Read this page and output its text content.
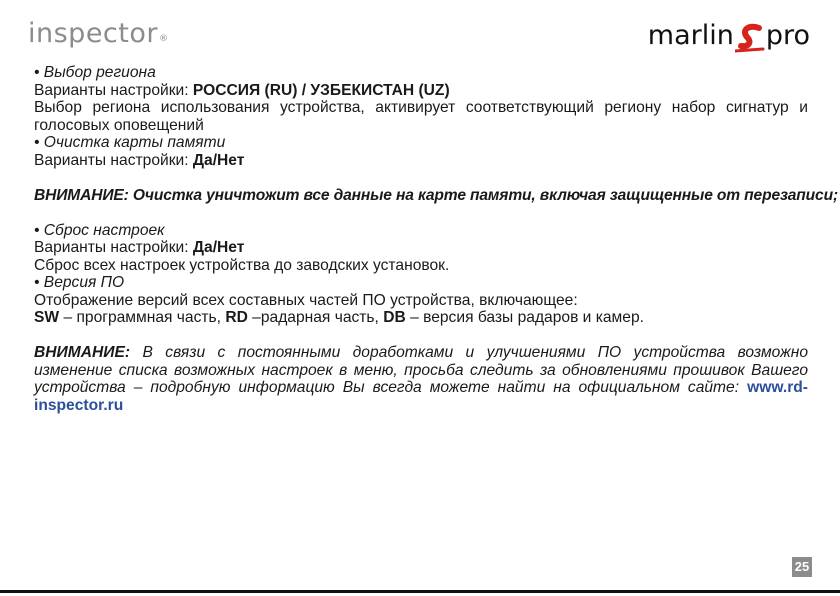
inspector®	marlin pro

• Выбор региона

Варианты настройки: РОССИЯ (RU) / УЗБЕКИСТАН (UZ)

Выбор региона использования устройства, активирует соответствующий региону набор сигнатур и голосовых оповещений

• Очистка карты памяти

Варианты настройки: Да/Нет

ВНИМАНИЕ: Очистка уничтожит все данные на карте памяти, включая защищенные от перезаписи;

• Сброс настроек

Варианты настройки: Да/Нет

Сброс всех настроек устройства до заводских установок.

• Версия ПО

Отображение версий всех составных частей ПО устройства, включающее:

SW – программная часть, RD –радарная часть, DB – версия базы радаров и камер.

ВНИМАНИЕ: В связи с постоянными доработками и улучшениями ПО устройства возможно изменение списка возможных настроек в меню, просьба следить за обновлениями прошивок Вашего устройства – подробную информацию Вы всегда можете найти на официальном сайте: www.rd-inspector.ru

25
